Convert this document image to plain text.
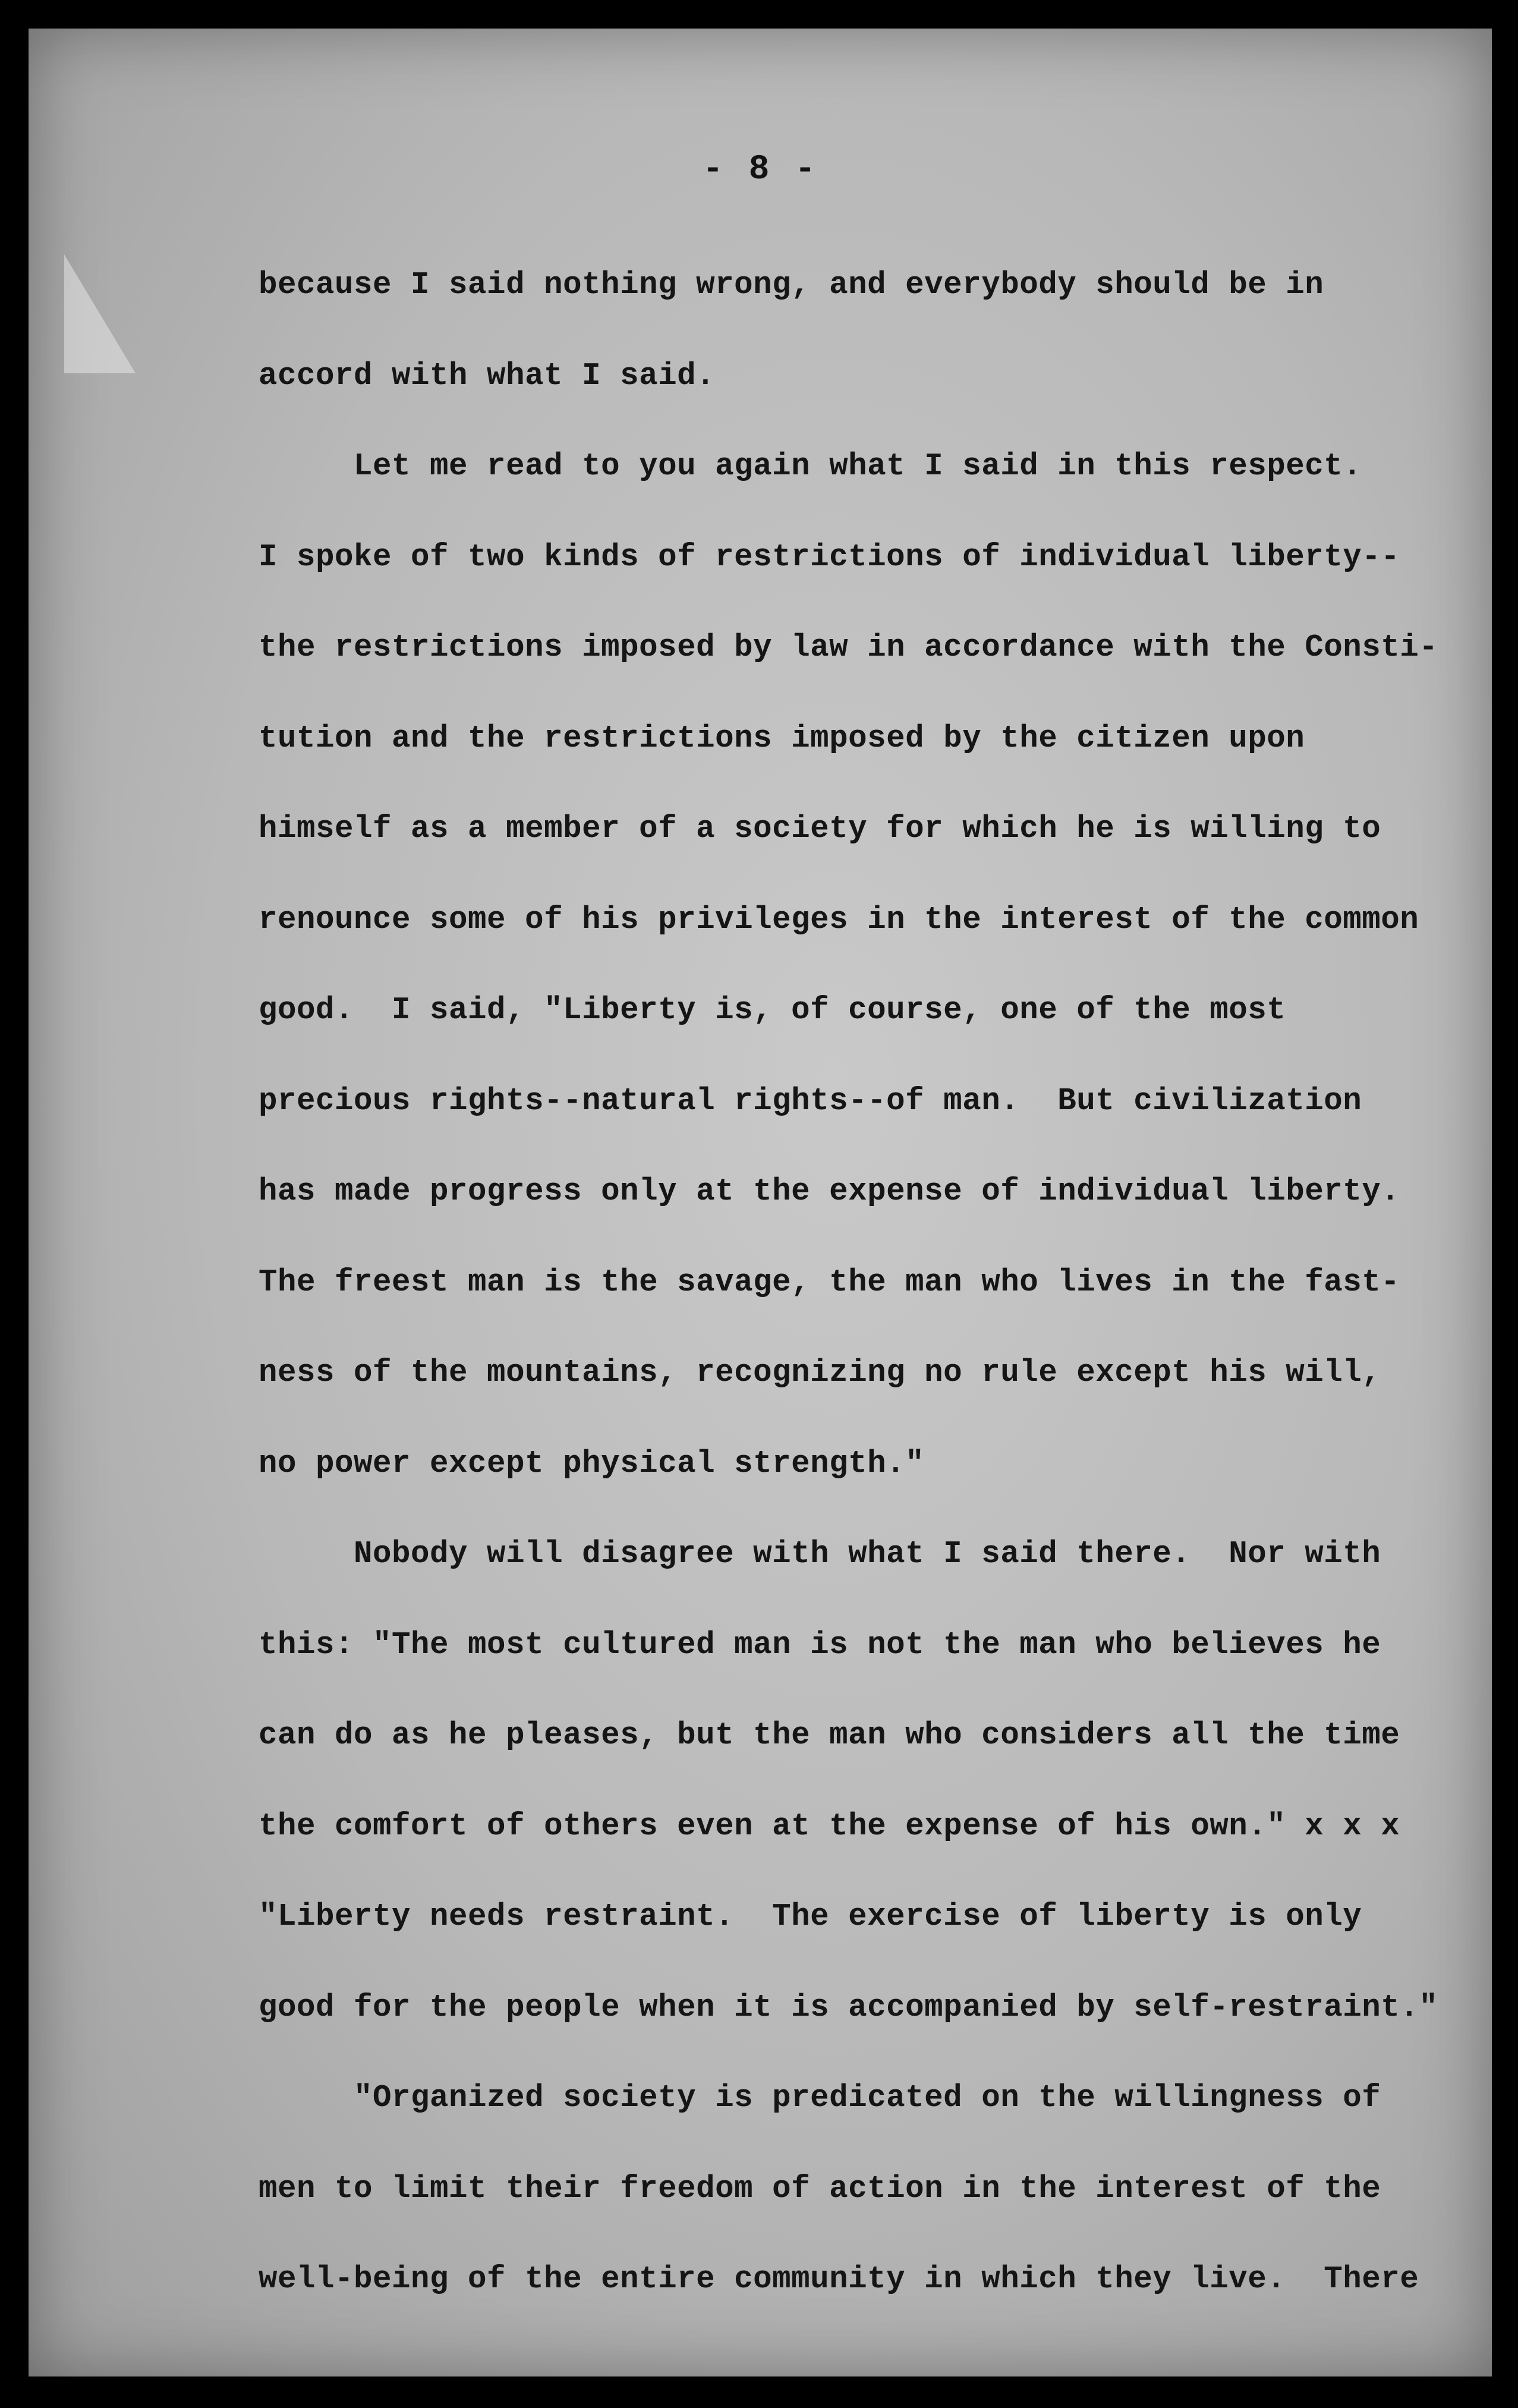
- 8 -
because I said nothing wrong, and everybody should be in
accord with what I said.
Let me read to you again what I said in this respect.
I spoke of two kinds of restrictions of individual liberty--
the restrictions imposed by law in accordance with the Consti-
tution and the restrictions imposed by the citizen upon
himself as a member of a society for which he is willing to
renounce some of his privileges in the interest of the common
good.  I said, "Liberty is, of course, one of the most
precious rights--natural rights--of man.  But civilization
has made progress only at the expense of individual liberty.
The freest man is the savage, the man who lives in the fast-
ness of the mountains, recognizing no rule except his will,
no power except physical strength."
Nobody will disagree with what I said there.  Nor with
this: "The most cultured man is not the man who believes he
can do as he pleases, but the man who considers all the time
the comfort of others even at the expense of his own." x x x
"Liberty needs restraint.  The exercise of liberty is only
good for the people when it is accompanied by self-restraint."
"Organized society is predicated on the willingness of
men to limit their freedom of action in the interest of the
well-being of the entire community in which they live.  There
